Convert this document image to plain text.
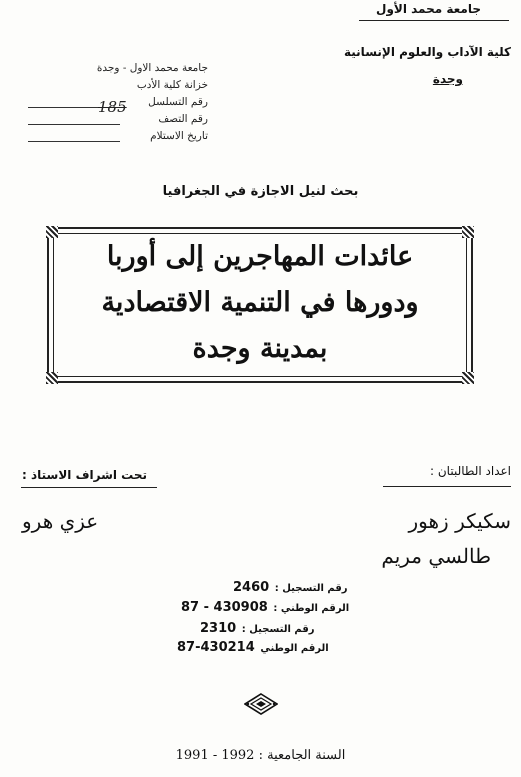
جامعة محمد الأول
كلية الآداب والعلوم الإنسانية
وجدة
جامعة محمد الاول - وجدة
خزانة كلية الأدب
رقم التسلسل
رقم التصف
تاريخ الاستلام
185
بحث لنيل الاجازة في الجغرافيا
عائدات المهاجرين إلى أوربا
ودورها في التنمية الاقتصادية
بمدينة وجدة
اعداد الطالبتان :
تحت اشراف الاستاذ :
سكيكر زهور
عزي هرو
طالسي مريم
2460 رقم التسجيل :
87 - 430908 الرقم الوطني :
2310 رقم التسجيل :
87-430214 الرقم الوطني
1991 - 1992 السنة الجامعية :
